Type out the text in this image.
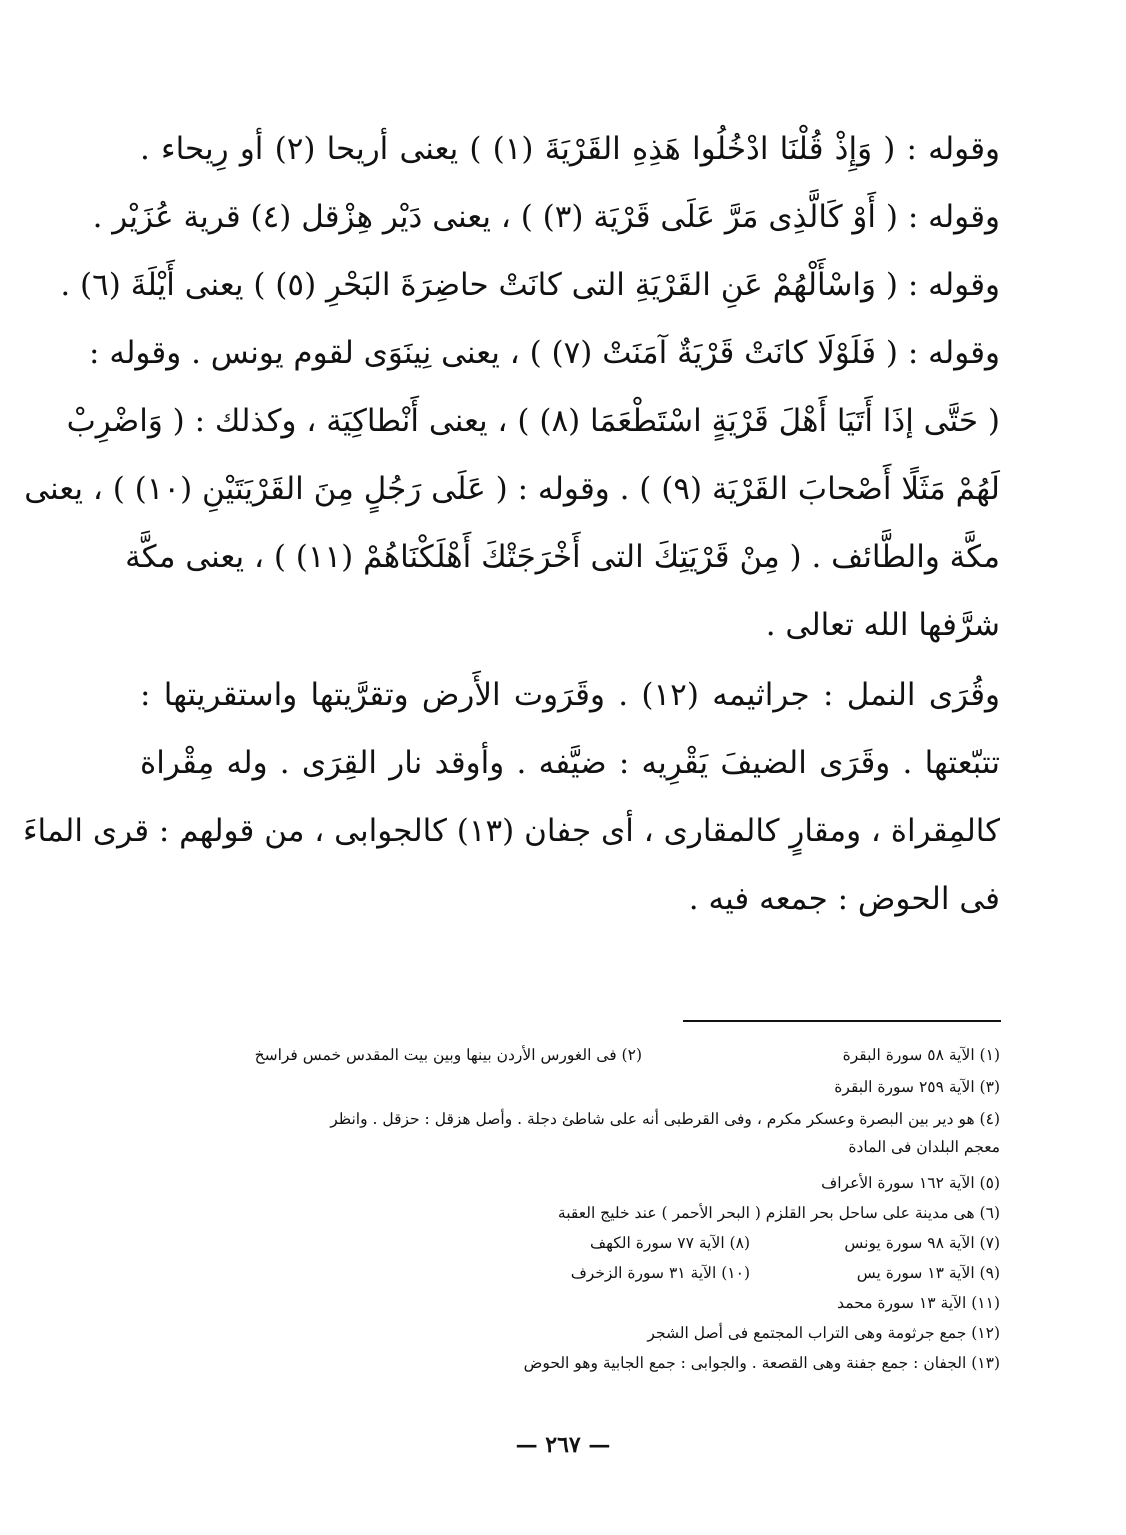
وقوله : ( وَإِذْ قُلْنَا ادْخُلُوا هَذِهِ القَرْيَةَ (١) ) يعنى أريحا (٢) أو رِيحاء .
وقوله : ( أَوْ كَالَّذِى مَرَّ عَلَى قَرْيَة (٣) ) ، يعنى دَيْر هِزْقل (٤) قرية عُزَيْر .
وقوله : ( وَاسْأَلْهُمْ عَنِ القَرْيَةِ التى كانَتْ حاضِرَةَ البَحْرِ (٥) ) يعنى أَيْلَةَ (٦) .
وقوله : ( فَلَوْلَا كانَتْ قَرْيَةٌ آمَنَتْ (٧) ) ، يعنى نِينَوَى لقوم يونس . وقوله :
( حَتَّى إذَا أَتَيَا أَهْلَ قَرْيَةٍ اسْتَطْعَمَا (٨) ) ، يعنى أَنْطاكِيَة ، وكذلك : ( وَاضْرِبْ
لَهُمْ مَثَلًا أَصْحابَ القَرْيَة (٩) ) . وقوله : ( عَلَى رَجُلٍ مِنَ القَرْيَتَيْنِ (١٠) ) ، يعنى
مكَّة والطَّائف . ( مِنْ قَرْيَتِكَ التى أَخْرَجَتْكَ أَهْلَكْنَاهُمْ (١١) ) ، يعنى مكَّة
شرَّفها الله تعالى .
وقُرَى النمل : جراثيمه (١٢) . وقَرَوت الأَرض وتقرَّيتها واستقريتها :
تتبّعتها . وقَرَى الضيفَ يَقْرِيه : ضيَّفه . وأوقد نار القِرَى . وله مِقْراة
كالمِقراة ، ومقارٍ كالمقارى ، أى جفان (١٣) كالجوابى ، من قولهم : قرى الماءَ
فى الحوض : جمعه فيه .
(١) الآية ٥٨ سورة البقرة
(٢) فى الغورس الأردن بينها وبين بيت المقدس خمس فراسخ
(٣) الآية ٢٥٩ سورة البقرة
(٤) هو دير بين البصرة وعسكر مكرم ، وفى القرطبى أنه على شاطئ دجلة . وأصل هزقل : حزقل . وانظر
معجم البلدان فى المادة
(٥) الآية ١٦٢ سورة الأعراف
(٦) هى مدينة على ساحل بحر القلزم ( البحر الأحمر ) عند خليج العقبة
(٧) الآية ٩٨ سورة يونس
(٨) الآية ٧٧ سورة الكهف
(٩) الآية ١٣ سورة يس
(١٠) الآية ٣١ سورة الزخرف
(١١) الآية ١٣ سورة محمد
(١٢) جمع جرثومة وهى التراب المجتمع فى أصل الشجر
(١٣) الجفان : جمع جفنة وهى القصعة . والجوابى : جمع الجابية وهو الحوض
— ٢٦٧ —
